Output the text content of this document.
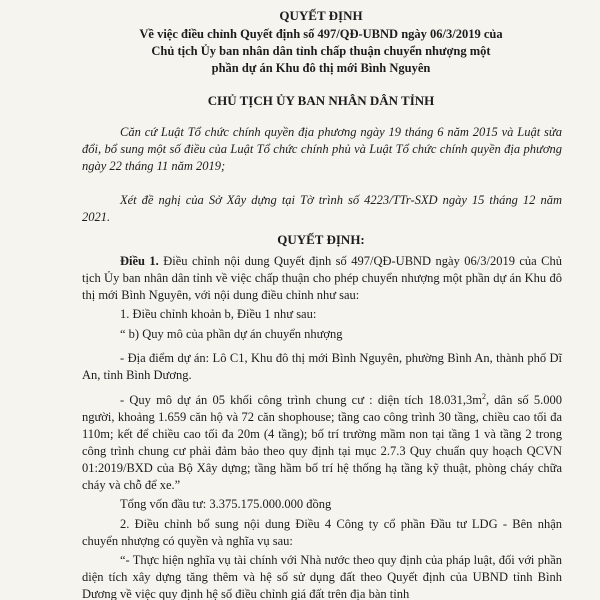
QUYẾT ĐỊNH
Về việc điều chỉnh Quyết định số 497/QĐ-UBND ngày 06/3/2019 của
Chủ tịch Ủy ban nhân dân tỉnh chấp thuận chuyển nhượng một
phần dự án Khu đô thị mới Bình Nguyên
CHỦ TỊCH ỦY BAN NHÂN DÂN TỈNH
Căn cứ Luật Tổ chức chính quyền địa phương ngày 19 tháng 6 năm 2015 và Luật sửa đổi, bổ sung một số điều của Luật Tổ chức chính phủ và Luật Tổ chức chính quyền địa phương ngày 22 tháng 11 năm 2019;
Xét đề nghị của Sở Xây dựng tại Tờ trình số 4223/TTr-SXD ngày 15 tháng 12 năm 2021.
QUYẾT ĐỊNH:
Điều 1. Điều chỉnh nội dung Quyết định số 497/QĐ-UBND ngày 06/3/2019 của Chủ tịch Ủy ban nhân dân tỉnh về việc chấp thuận cho phép chuyển nhượng một phần dự án Khu đô thị mới Bình Nguyên, với nội dung điều chỉnh như sau:
1. Điều chỉnh khoản b, Điều 1 như sau:
“ b) Quy mô của phần dự án chuyển nhượng
- Địa điểm dự án: Lô C1, Khu đô thị mới Bình Nguyên, phường Bình An, thành phố Dĩ An, tỉnh Bình Dương.
- Quy mô dự án 05 khối công trình chung cư : diện tích $18.031,3m^2$, dân số 5.000 người, khoảng 1.659 căn hộ và 72 căn shophouse; tầng cao công trình 30 tầng, chiều cao tối đa 110m; kết để chiều cao tối đa 20m (4 tầng); bố trí trường mầm non tại tầng 1 và tầng 2 trong công trình chung cư phải đảm bảo theo quy định tại mục 2.7.3 Quy chuẩn quy hoạch QCVN 01:2019/BXD của Bộ Xây dựng; tầng hầm bố trí hệ thống hạ tầng kỹ thuật, phòng cháy chữa cháy và chỗ để xe.”
Tổng vốn đầu tư: 3.375.175.000.000 đồng
2. Điều chỉnh bổ sung nội dung Điều 4 Công ty cổ phần Đầu tư LDG - Bên nhận chuyển nhượng có quyền và nghĩa vụ sau:
“- Thực hiện nghĩa vụ tài chính với Nhà nước theo quy định của pháp luật, đối với phần diện tích xây dựng tăng thêm và hệ số sử dụng đất theo Quyết định của UBND tỉnh Bình Dương về việc quy định hệ số điều chỉnh giá đất trên địa bàn tỉnh
